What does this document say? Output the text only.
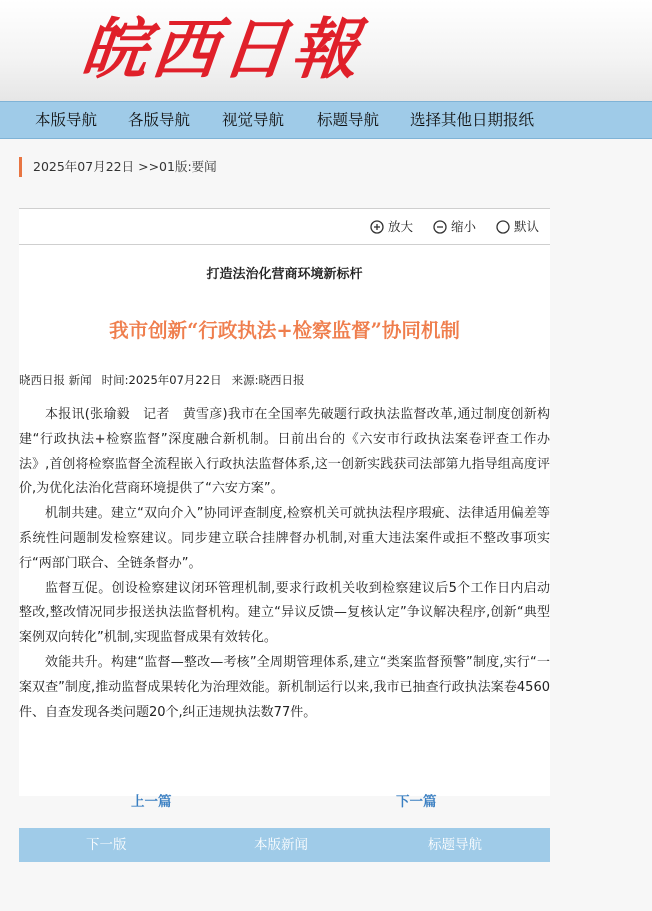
皖西日報
本版导航 各版导航 视觉导航 标题导航 选择其他日期报纸
2025年07月22日 >>01版:要闻
放大	缩小	默认
打造法治化营商环境新标杆
我市创新“行政执法+检察监督”协同机制
晓西日报 新闻 时间:2025年07月22日 来源:晓西日报

本报讯(张瑜毅　记者　黄雪彦)我市在全国率先破题行政执法监督改革,通过制度创新构建“行政执法+检察监督”深度融合新机制。日前出台的《六安市行政执法案卷评查工作办法》,首创将检察监督全流程嵌入行政执法监督体系,这一创新实践获司法部第九指导组高度评价,为优化法治化营商环境提供了“六安方案”。

机制共建。建立“双向介入”协同评查制度,检察机关可就执法程序瑕疵、法律适用偏差等系统性问题制发检察建议。同步建立联合挂牌督办机制,对重大违法案件或拒不整改事项实行“两部门联合、全链条督办”。

监督互促。创设检察建议闭环管理机制,要求行政机关收到检察建议后5个工作日内启动整改,整改情况同步报送执法监督机构。建立“异议反馈—复核认定”争议解决程序,创新“典型案例双向转化”机制,实现监督成果有效转化。

效能共升。构建“监督—整改—考核”全周期管理体系,建立“类案监督预警”制度,实行“一案双查”制度,推动监督成果转化为治理效能。新机制运行以来,我市已抽查行政执法案卷4560件、自查发现各类问题20个,纠正违规执法数77件。

上一篇	下一篇
下一版	本版新闻	标题导航
